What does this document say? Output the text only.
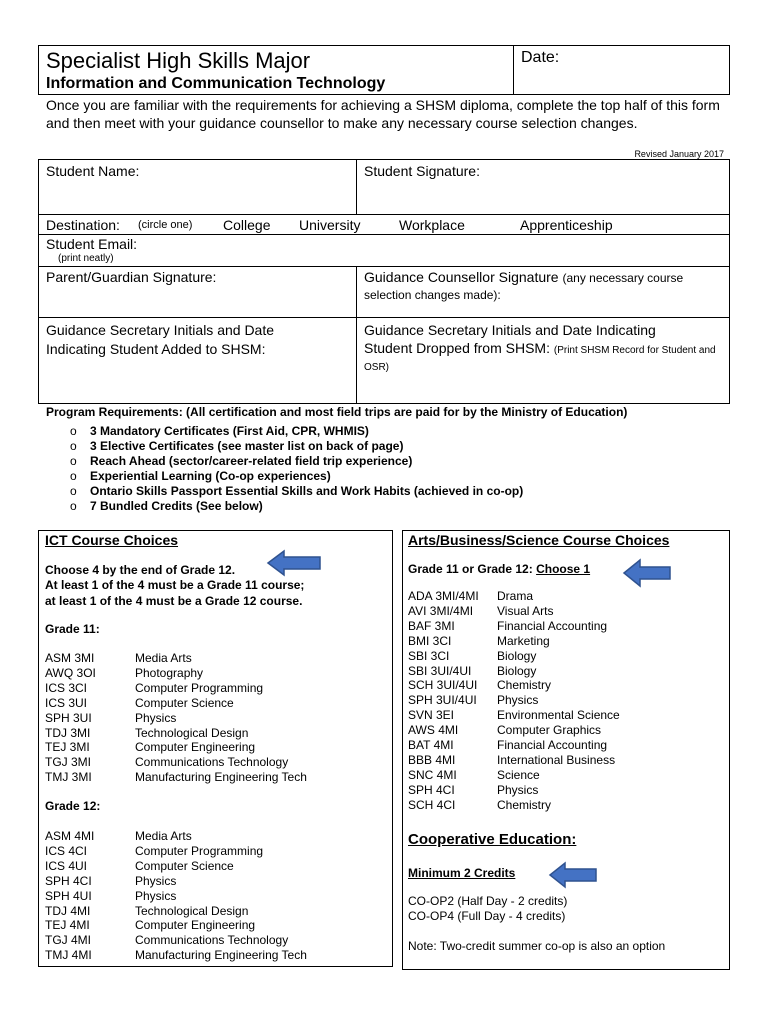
Specialist High Skills Major
Information and Communication Technology
Date:
Once you are familiar with the requirements for achieving a SHSM diploma, complete the top half of this form and then meet with your guidance counsellor to make any necessary course selection changes.
Revised January 2017
Student Name:	Student Signature:
Destination: (circle one) College University	Workplace	Apprenticeship
Student Email:
(print neatly)
Parent/Guardian Signature:	Guidance Counsellor Signature (any necessary course selection changes made):
Guidance Secretary Initials and Date
Indicating Student Added to SHSM:
Guidance Secretary Initials and Date Indicating
Student Dropped from SHSM: (Print SHSM Record for Student and OSR)
Program Requirements: (All certification and most field trips are paid for by the Ministry of Education)
o 3 Mandatory Certificates (First Aid, CPR, WHMIS)
o 3 Elective Certificates (see master list on back of page)
o Reach Ahead (sector/career-related field trip experience)
o Experiential Learning (Co-op experiences)
o Ontario Skills Passport Essential Skills and Work Habits (achieved in co-op)
o 7 Bundled Credits (See below)
ICT Course Choices
Choose 4 by the end of Grade 12.
At least 1 of the 4 must be a Grade 11 course;
at least 1 of the 4 must be a Grade 12 course.
Grade 11:
ASM 3MI	Media Arts
AWQ 3OI	Photography
ICS 3CI	Computer Programming
ICS 3UI	Computer Science
SPH 3UI	Physics
TDJ 3MI	Technological Design
TEJ 3MI	Computer Engineering
TGJ 3MI	Communications Technology
TMJ 3MI	Manufacturing Engineering Tech
Grade 12:
ASM 4MI	Media Arts
ICS 4CI	Computer Programming
ICS 4UI	Computer Science
SPH 4CI	Physics
SPH 4UI	Physics
TDJ 4MI	Technological Design
TEJ 4MI	Computer Engineering
TGJ 4MI	Communications Technology
TMJ 4MI	Manufacturing Engineering Tech
Arts/Business/Science Course Choices
Grade 11 or Grade 12: Choose 1
ADA 3MI/4MI Drama
AVI 3MI/4MI Visual Arts
BAF 3MI	Financial Accounting
BMI 3CI	Marketing
SBI 3CI	Biology
SBI 3UI/4UI Biology
SCH 3UI/4UI Chemistry
SPH 3UI/4UI Physics
SVN 3EI	Environmental Science
AWS 4MI	Computer Graphics
BAT 4MI	Financial Accounting
BBB 4MI	International Business
SNC 4MI	Science
SPH 4CI	Physics
SCH 4CI	Chemistry
Cooperative Education:
Minimum 2 Credits
CO-OP2 (Half Day - 2 credits)
CO-OP4 (Full Day - 4 credits)
Note: Two-credit summer co-op is also an option
